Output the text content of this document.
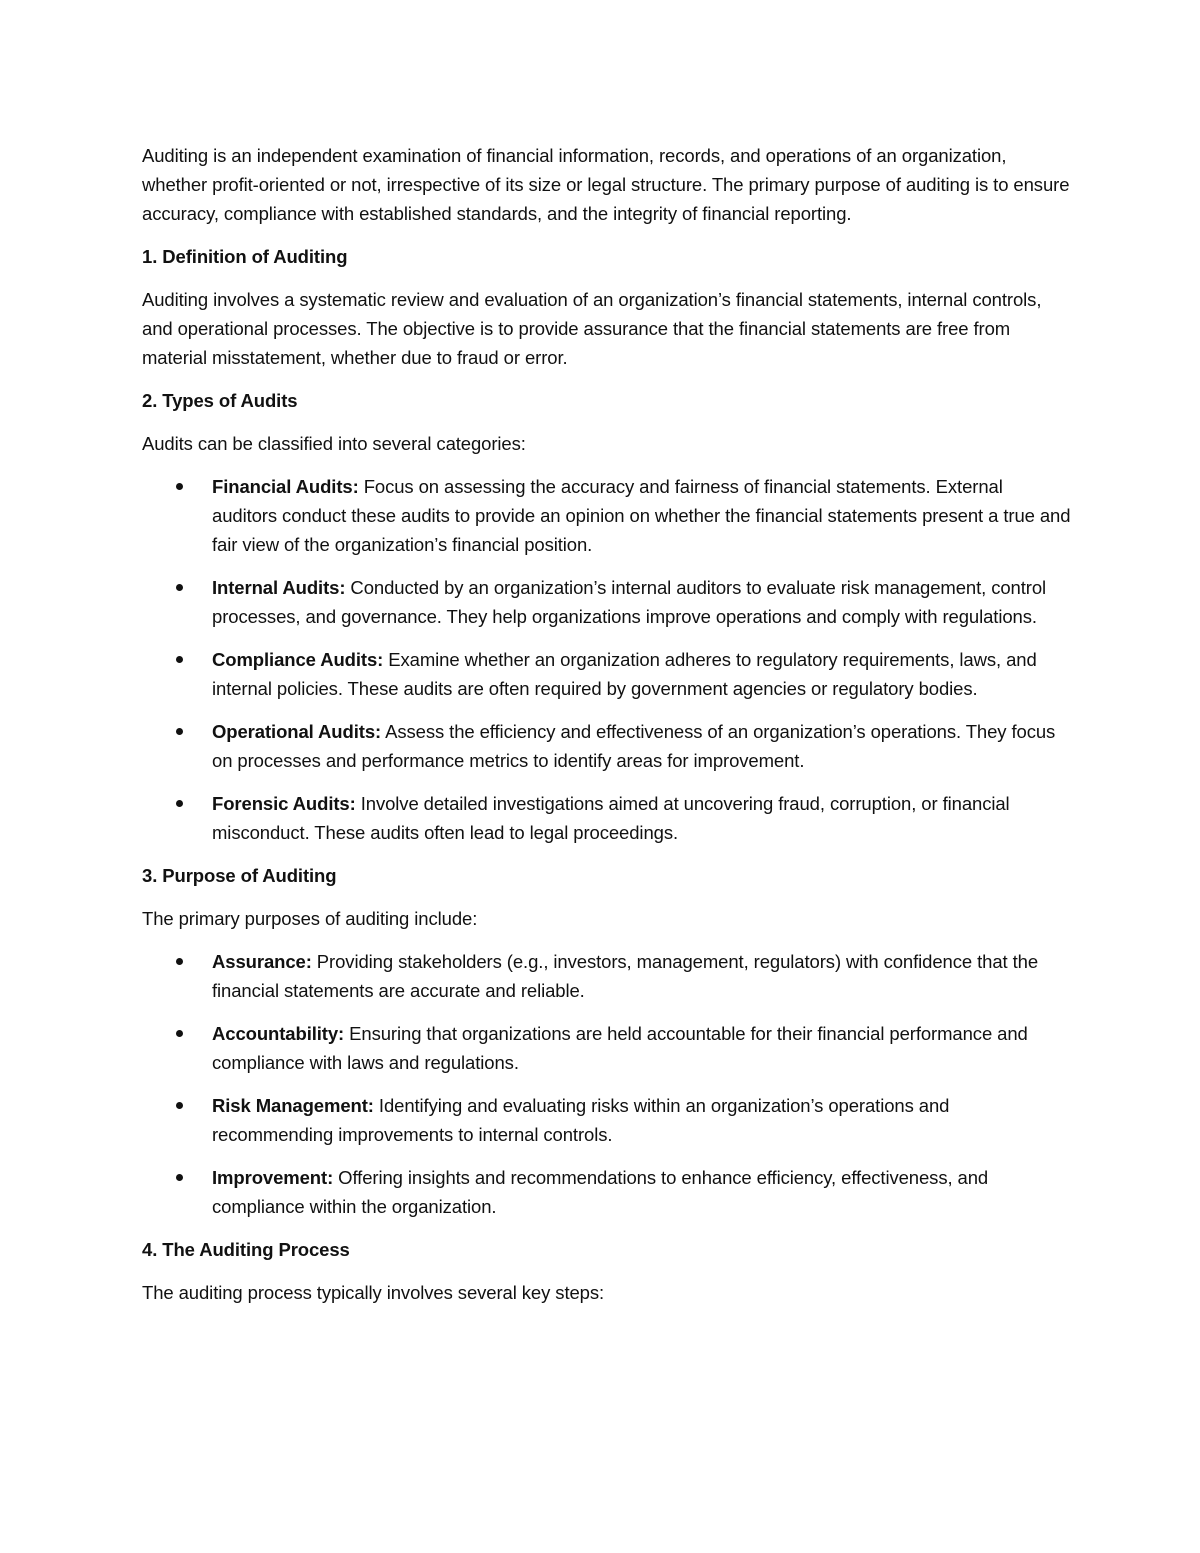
Auditing is an independent examination of financial information, records, and operations of an organization, whether profit-oriented or not, irrespective of its size or legal structure. The primary purpose of auditing is to ensure accuracy, compliance with established standards, and the integrity of financial reporting.

1. Definition of Auditing

Auditing involves a systematic review and evaluation of an organization’s financial statements, internal controls, and operational processes. The objective is to provide assurance that the financial statements are free from material misstatement, whether due to fraud or error.

2. Types of Audits

Audits can be classified into several categories:

Financial Audits: Focus on assessing the accuracy and fairness of financial statements. External auditors conduct these audits to provide an opinion on whether the financial statements present a true and fair view of the organization’s financial position.
Internal Audits: Conducted by an organization’s internal auditors to evaluate risk management, control processes, and governance. They help organizations improve operations and comply with regulations.
Compliance Audits: Examine whether an organization adheres to regulatory requirements, laws, and internal policies. These audits are often required by government agencies or regulatory bodies.
Operational Audits: Assess the efficiency and effectiveness of an organization’s operations. They focus on processes and performance metrics to identify areas for improvement.
Forensic Audits: Involve detailed investigations aimed at uncovering fraud, corruption, or financial misconduct. These audits often lead to legal proceedings.

3. Purpose of Auditing

The primary purposes of auditing include:

Assurance: Providing stakeholders (e.g., investors, management, regulators) with confidence that the financial statements are accurate and reliable.
Accountability: Ensuring that organizations are held accountable for their financial performance and compliance with laws and regulations.
Risk Management: Identifying and evaluating risks within an organization’s operations and recommending improvements to internal controls.
Improvement: Offering insights and recommendations to enhance efficiency, effectiveness, and compliance within the organization.

4. The Auditing Process

The auditing process typically involves several key steps:
